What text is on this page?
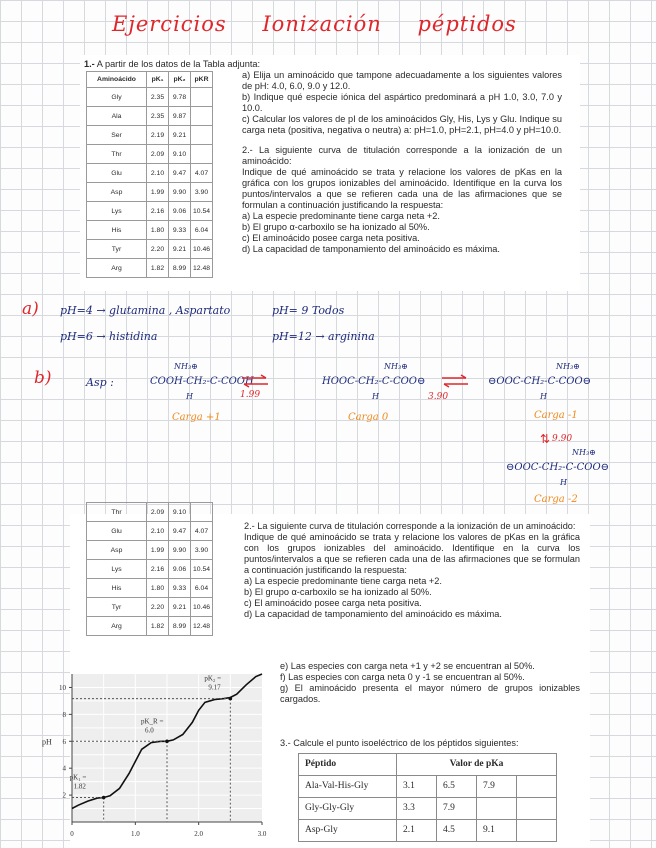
Ejercicios Ionización péptidos
1.- A partir de los datos de la Tabla adjunta:
Aminoácido	pK₁	pK₂	pKR
Gly	2.35	9.78	
Ala	2.35	9.87	
Ser	2.19	9.21	
Thr	2.09	9.10	
Glu	2.10	9.47	4.07
Asp	1.99	9.90	3.90
Lys	2.16	9.06	10.54
His	1.80	9.33	6.04
Tyr	2.20	9.21	10.46
Arg	1.82	8.99	12.48

a) Elija un aminoácido que tampone adecuadamente a los siguientes valores de pH: 4.0, 6.0, 9.0 y 12.0.

b) Indique qué especie iónica del aspártico predominará a pH 1.0, 3.0, 7.0 y 10.0.

c) Calcular los valores de pI de los aminoácidos Gly, His, Lys y Glu. Indique su carga neta (positiva, negativa o neutra) a: pH=1.0, pH=2.1, pH=4.0 y pH=10.0.

2.- La siguiente curva de titulación corresponde a la ionización de un aminoácido:

Indique de qué aminoácido se trata y relacione los valores de pKas en la gráfica con los grupos ionizables del aminoácido. Identifique en la curva los puntos/intervalos a que se refieren cada una de las afirmaciones que se formulan a continuación justificando la respuesta:

a) La especie predominante tiene carga neta +2.

b) El grupo α-carboxilo se ha ionizado al 50%.

c) El aminoácido posee carga neta positiva.

d) La capacidad de tamponamiento del aminoácido es máxima.

a) pH=4 → glutamina , Aspartato	pH= 9 Todos
pH=6 → histidina	pH=12 → arginina
b)	Asp :
NH₃⊕
COOH-CH₂-C-COOH
H
Carga +1
1.99
NH₃⊕
HOOC-CH₂-C-COO⊖
H
Carga 0
3.90
NH₃⊕
⊖OOC-CH₂-C-COO⊖
H
Carga -1
⇅ 9.90
NH₃⊕
⊖OOC-CH₂-C-COO⊖
H
Carga -2
Thr	2.09	9.10	
Glu	2.10	9.47	4.07
Asp	1.99	9.90	3.90
Lys	2.16	9.06	10.54
His	1.80	9.33	6.04
Tyr	2.20	9.21	10.46
Arg	1.82	8.99	12.48

2.- La siguiente curva de titulación corresponde a la ionización de un aminoácido:

Indique de qué aminoácido se trata y relacione los valores de pKas en la gráfica con los grupos ionizables del aminoácido. Identifique en la curva los puntos/intervalos a que se refieren cada una de las afirmaciones que se formulan a continuación justificando la respuesta:

a) La especie predominante tiene carga neta +2.

b) El grupo α-carboxilo se ha ionizado al 50%.

c) El aminoácido posee carga neta positiva.

d) La capacidad de tamponamiento del aminoácido es máxima.

e) Las especies con carga neta +1 y +2 se encuentran al 50%.

f) Las especies con carga neta 0 y -1 se encuentran al 50%.

g) El aminoácido presenta el mayor número de grupos ionizables cargados.

3.- Calcule el punto isoeléctrico de los péptidos siguientes:
Péptido	Valor de pKa			
Ala-Val-His-Gly	3.1	6.5	7.9	
Gly-Gly-Gly	3.3	7.9		
Asp-Gly	2.1	4.5	9.1	
0	1.0	2.0	3.0
2
4
6
8
10
pH
pK₁ =
1.82
pK_R =
6.0
pK₂ =
9.17
